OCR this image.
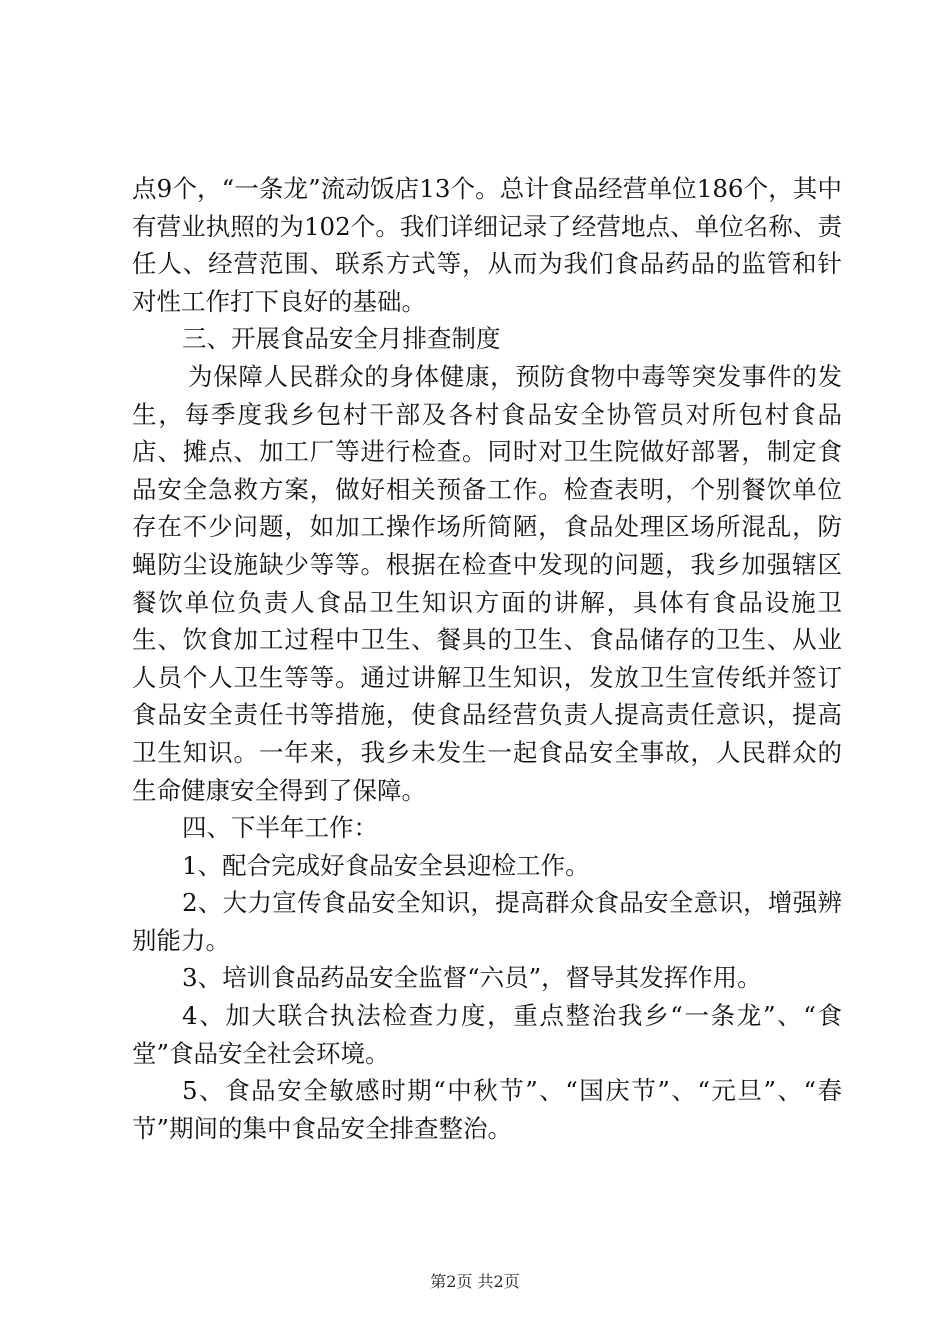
点9个，“一条龙”流动饭店13个。总计食品经营单位186个，其中有营业执照的为102个。我们详细记录了经营地点、单位名称、责任人、经营范围、联系方式等，从而为我们食品药品的监管和针对性工作打下良好的基础。

三、开展食品安全月排查制度

为保障人民群众的身体健康，预防食物中毒等突发事件的发生，每季度我乡包村干部及各村食品安全协管员对所包村食品店、摊点、加工厂等进行检查。同时对卫生院做好部署，制定食品安全急救方案，做好相关预备工作。检查表明，个别餐饮单位存在不少问题，如加工操作场所简陋，食品处理区场所混乱，防蝇防尘设施缺少等等。根据在检查中发现的问题，我乡加强辖区餐饮单位负责人食品卫生知识方面的讲解，具体有食品设施卫生、饮食加工过程中卫生、餐具的卫生、食品储存的卫生、从业人员个人卫生等等。通过讲解卫生知识，发放卫生宣传纸并签订食品安全责任书等措施，使食品经营负责人提高责任意识，提高卫生知识。一年来，我乡未发生一起食品安全事故，人民群众的生命健康安全得到了保障。

四、下半年工作：

1、配合完成好食品安全县迎检工作。

2、大力宣传食品安全知识，提高群众食品安全意识，增强辨别能力。

3、培训食品药品安全监督“六员”，督导其发挥作用。

4、加大联合执法检查力度，重点整治我乡“一条龙”、“食堂”食品安全社会环境。

5、食品安全敏感时期“中秋节”、“国庆节”、“元旦”、“春节”期间的集中食品安全排查整治。

第2页 共2页
